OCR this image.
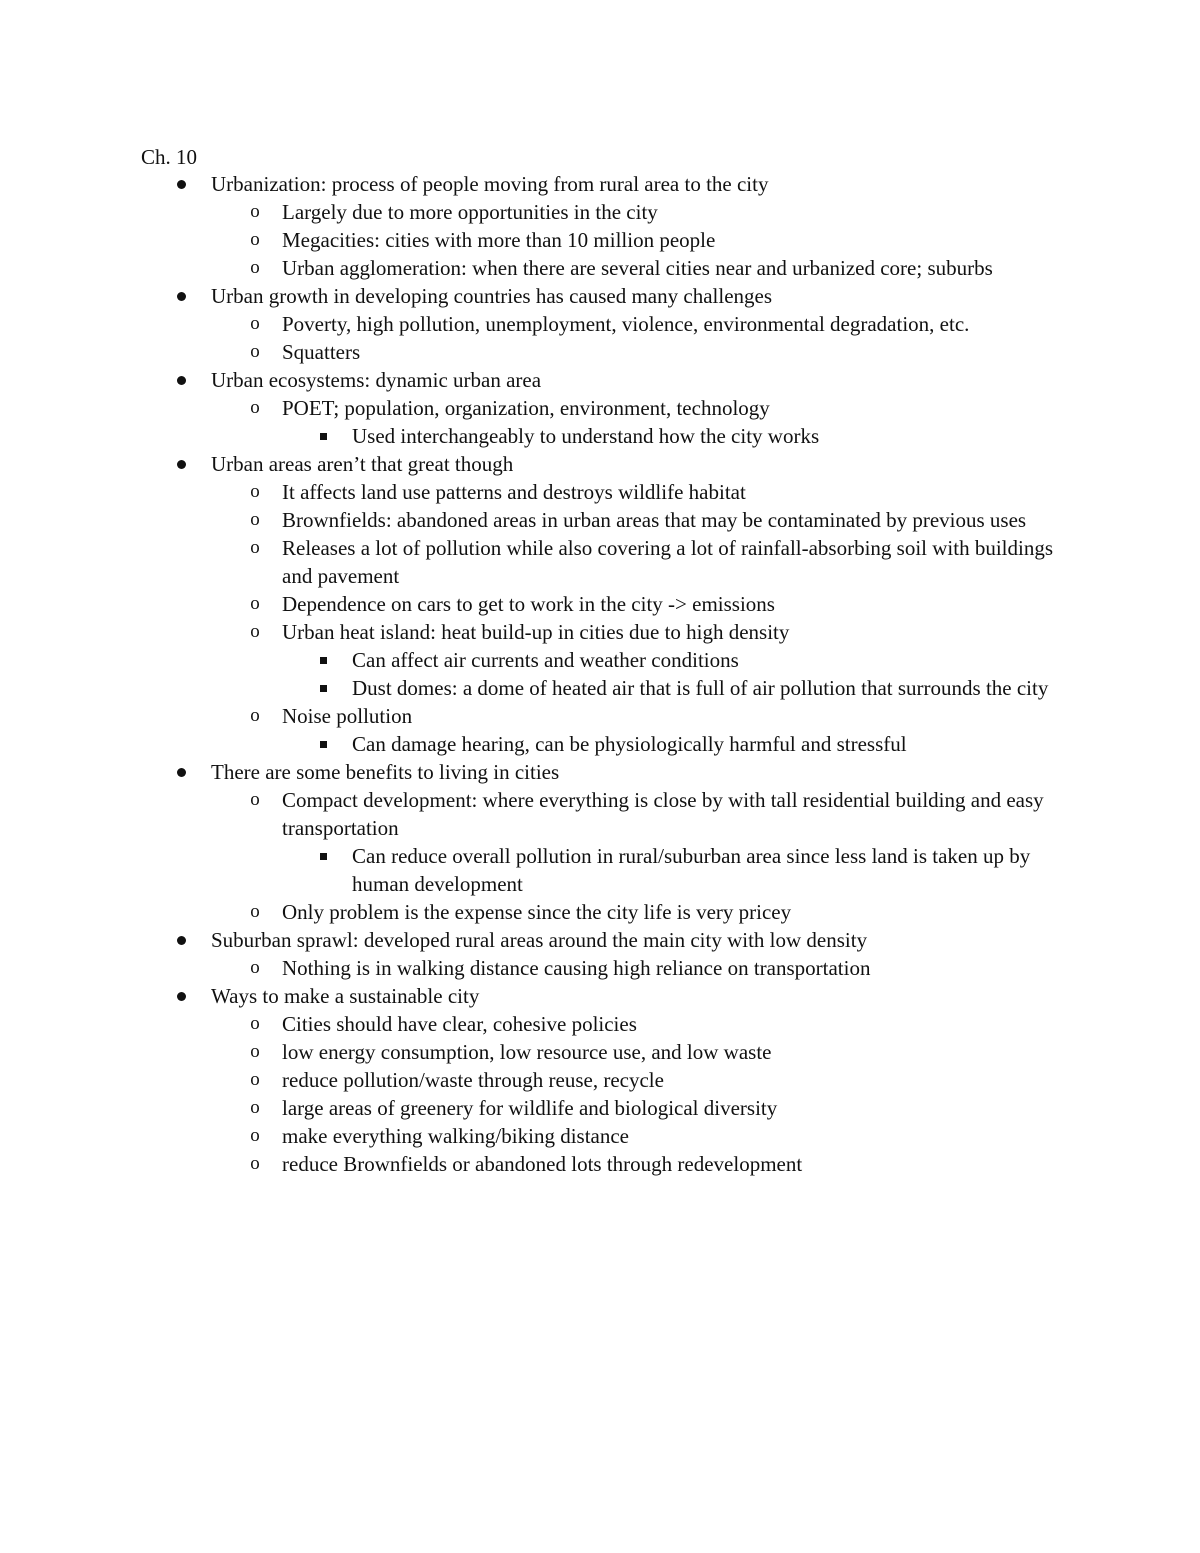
Ch. 10
Urbanization: process of people moving from rural area to the city
o Largely due to more opportunities in the city
o Megacities: cities with more than 10 million people
o Urban agglomeration: when there are several cities near and urbanized core; suburbs
Urban growth in developing countries has caused many challenges
o Poverty, high pollution, unemployment, violence, environmental degradation, etc.
o Squatters
Urban ecosystems: dynamic urban area
o POET; population, organization, environment, technology
Used interchangeably to understand how the city works
Urban areas aren’t that great though
o It affects land use patterns and destroys wildlife habitat
o Brownfields: abandoned areas in urban areas that may be contaminated by previous uses
o Releases a lot of pollution while also covering a lot of rainfall-absorbing soil with buildings and pavement
o Dependence on cars to get to work in the city -> emissions
o Urban heat island: heat build-up in cities due to high density
Can affect air currents and weather conditions
Dust domes: a dome of heated air that is full of air pollution that surrounds the city
o Noise pollution
Can damage hearing, can be physiologically harmful and stressful
There are some benefits to living in cities
o Compact development: where everything is close by with tall residential building and easy transportation
Can reduce overall pollution in rural/suburban area since less land is taken up by human development
o Only problem is the expense since the city life is very pricey
Suburban sprawl: developed rural areas around the main city with low density
o Nothing is in walking distance causing high reliance on transportation
Ways to make a sustainable city
o Cities should have clear, cohesive policies
o low energy consumption, low resource use, and low waste
o reduce pollution/waste through reuse, recycle
o large areas of greenery for wildlife and biological diversity
o make everything walking/biking distance
o reduce Brownfields or abandoned lots through redevelopment
